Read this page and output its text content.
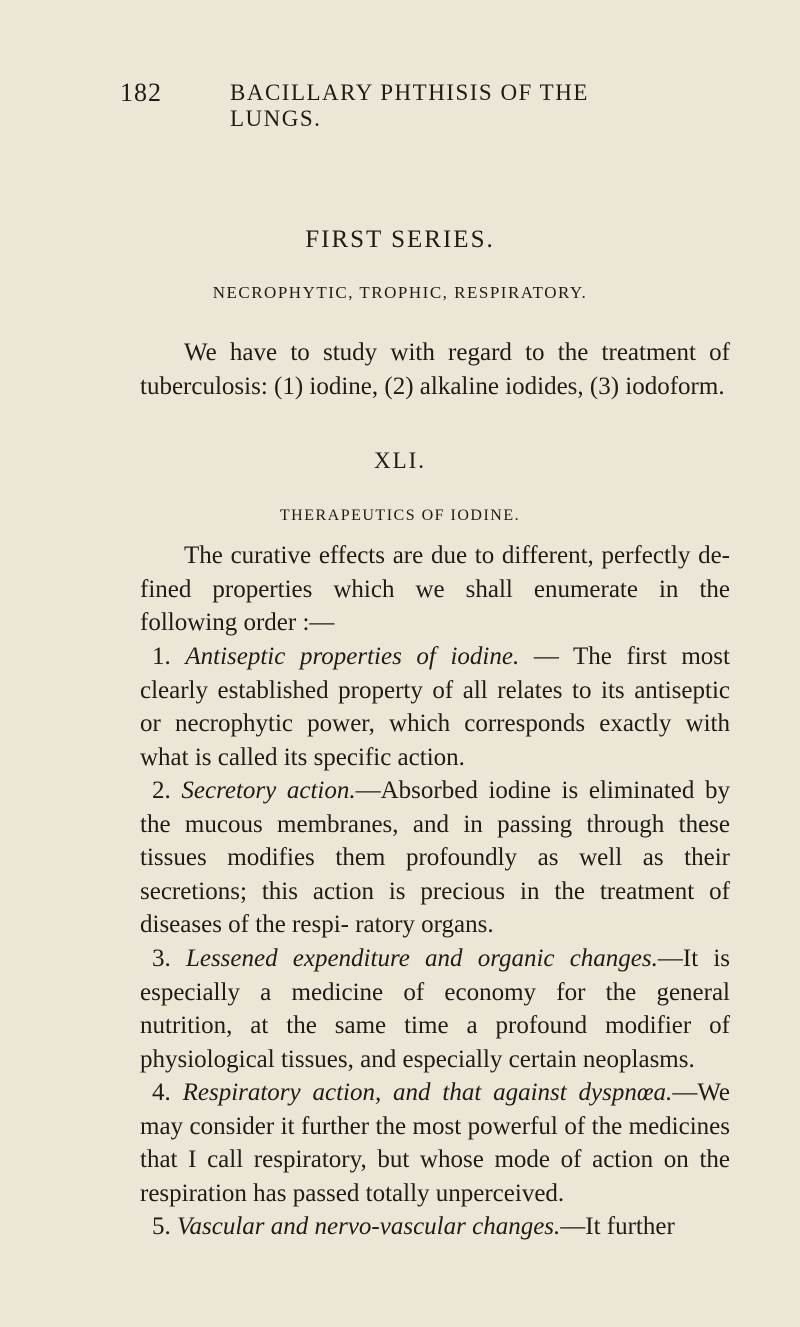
182	BACILLARY PHTHISIS OF THE LUNGS.
FIRST SERIES.
NECROPHYTIC, TROPHIC, RESPIRATORY.

We have to study with regard to the treatment of tuberculosis: (1) iodine, (2) alkaline iodides, (3) iodoform.

XLI.
THERAPEUTICS OF IODINE.

The curative effects are due to different, perfectly de- fined properties which we shall enumerate in the following order :—

1. Antiseptic properties of iodine. — The first most clearly established property of all relates to its antiseptic or necrophytic power, which corresponds exactly with what is called its specific action.

2. Secretory action.—Absorbed iodine is eliminated by the mucous membranes, and in passing through these tissues modifies them profoundly as well as their secretions; this action is precious in the treatment of diseases of the respi- ratory organs.

3. Lessened expenditure and organic changes.—It is especially a medicine of economy for the general nutrition, at the same time a profound modifier of physiological tissues, and especially certain neoplasms.

4. Respiratory action, and that against dyspnœa.—We may consider it further the most powerful of the medicines that I call respiratory, but whose mode of action on the respiration has passed totally unperceived.

5. Vascular and nervo-vascular changes.—It further
